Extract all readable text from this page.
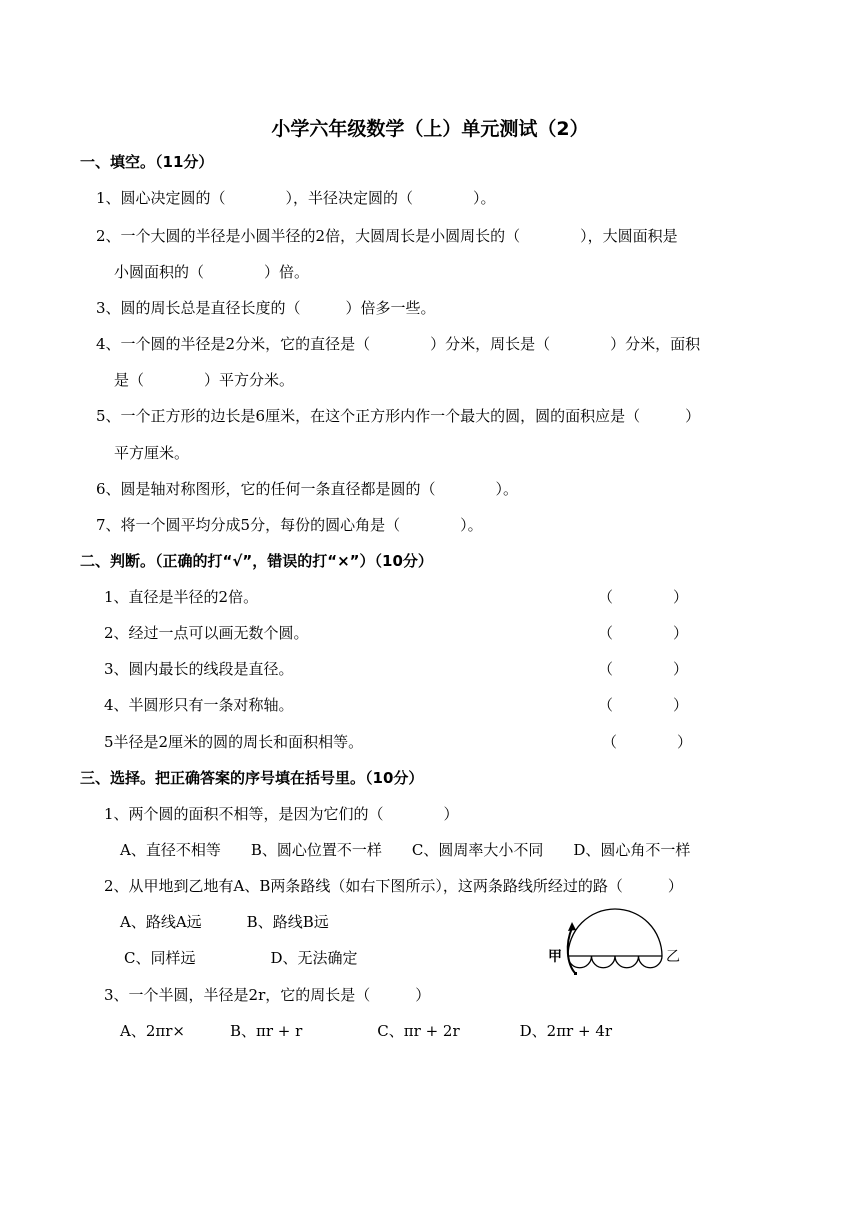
小学六年级数学（上）单元测试（2）
一、填空。（11分）
1、圆心决定圆的（　　　　），半径决定圆的（　　　　）。
2、一个大圆的半径是小圆半径的2倍，大圆周长是小圆周长的（　　　　），大圆面积是
小圆面积的（　　　　）倍。
3、圆的周长总是直径长度的（　　　）倍多一些。
4、一个圆的半径是2分米，它的直径是（　　　　）分米，周长是（　　　　）分米，面积
是（　　　　）平方分米。
5、一个正方形的边长是6厘米，在这个正方形内作一个最大的圆，圆的面积应是（　　　）
平方厘米。
6、圆是轴对称图形，它的任何一条直径都是圆的（　　　　）。
7、将一个圆平均分成5分，每份的圆心角是（　　　　）。
二、判断。（正确的打“√”，错误的打“×”）（10分）
1、直径是半径的2倍。	（　　　　）
2、经过一点可以画无数个圆。	（　　　　）
3、圆内最长的线段是直径。	（　　　　）
4、半圆形只有一条对称轴。	（　　　　）
5半径是2厘米的圆的周长和面积相等。	（　　　　）
三、选择。把正确答案的序号填在括号里。（10分）
1、两个圆的面积不相等，是因为它们的（　　　　）
A、直径不相等　　B、圆心位置不一样　　C、圆周率大小不同　　D、圆心角不一样
2、从甲地到乙地有A、B两条路线（如右下图所示），这两条路线所经过的路（　　　）
A、路线A远　　　B、路线B远
C、同样远　　　　　D、无法确定
3、一个半圆，半径是2r，它的周长是（　　　）
A、2πr×　　　B、πr + r　　　　　C、πr + 2r　　　　D、2πr + 4r
甲	乙
